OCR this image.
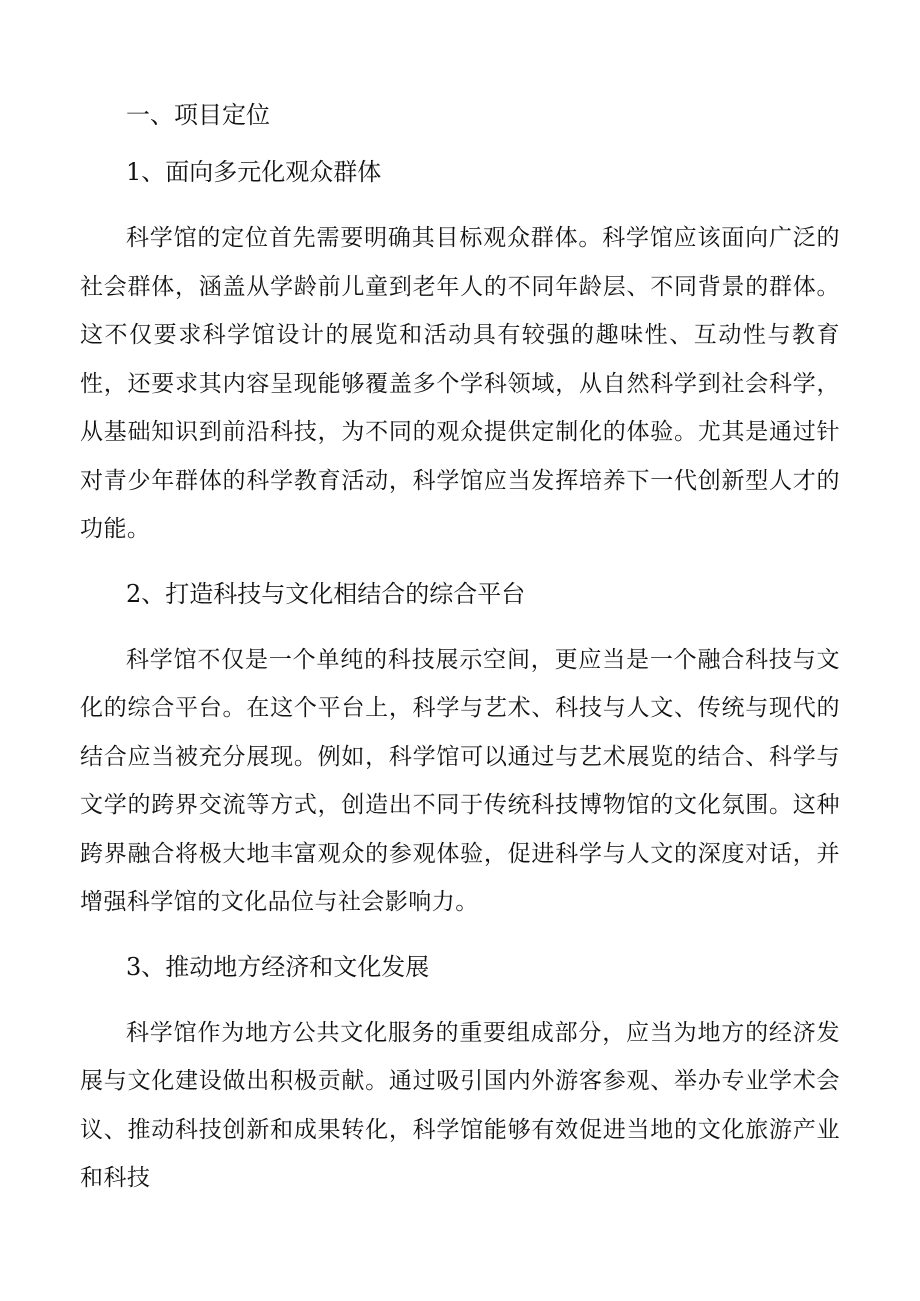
一、项目定位
1、面向多元化观众群体

科学馆的定位首先需要明确其目标观众群体。科学馆应该面向广泛的社会群体，涵盖从学龄前儿童到老年人的不同年龄层、不同背景的群体。这不仅要求科学馆设计的展览和活动具有较强的趣味性、互动性与教育性，还要求其内容呈现能够覆盖多个学科领域，从自然科学到社会科学，从基础知识到前沿科技，为不同的观众提供定制化的体验。尤其是通过针对青少年群体的科学教育活动，科学馆应当发挥培养下一代创新型人才的功能。

2、打造科技与文化相结合的综合平台

科学馆不仅是一个单纯的科技展示空间，更应当是一个融合科技与文化的综合平台。在这个平台上，科学与艺术、科技与人文、传统与现代的结合应当被充分展现。例如，科学馆可以通过与艺术展览的结合、科学与文学的跨界交流等方式，创造出不同于传统科技博物馆的文化氛围。这种跨界融合将极大地丰富观众的参观体验，促进科学与人文的深度对话，并增强科学馆的文化品位与社会影响力。

3、推动地方经济和文化发展

科学馆作为地方公共文化服务的重要组成部分，应当为地方的经济发展与文化建设做出积极贡献。通过吸引国内外游客参观、举办专业学术会议、推动科技创新和成果转化，科学馆能够有效促进当地的文化旅游产业和科技
